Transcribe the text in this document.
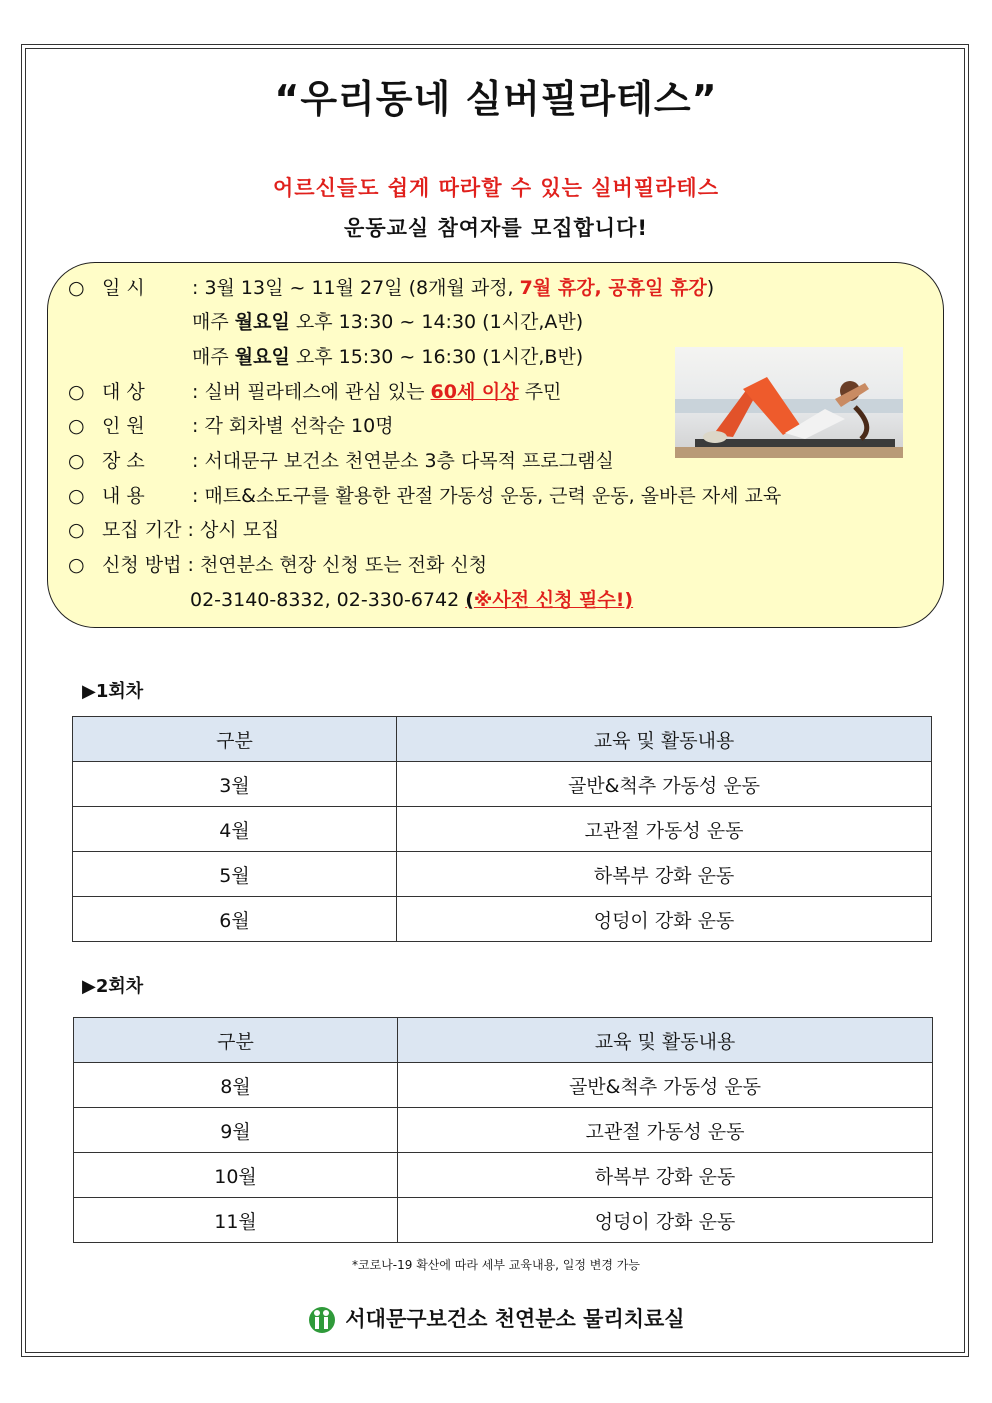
“우리동네 실버필라테스”
어르신들도 쉽게 따라할 수 있는 실버필라테스
운동교실 참여자를 모집합니다!
○ 일 시 : 3월 13일 ~ 11월 27일 (8개월 과정, 7월 휴강, 공휴일 휴강)
매주 월요일 오후 13:30 ~ 14:30 (1시간,A반)
매주 월요일 오후 15:30 ~ 16:30 (1시간,B반)
○ 대 상 : 실버 필라테스에 관심 있는 60세 이상 주민
○ 인 원 : 각 회차별 선착순 10명
○ 장 소 : 서대문구 보건소 천연분소 3층 다목적 프로그램실
○ 내 용 : 매트&소도구를 활용한 관절 가동성 운동, 근력 운동, 올바른 자세 교육
○ 모집 기간 : 상시 모집
○ 신청 방법 : 천연분소 현장 신청 또는 전화 신청
02-3140-8332, 02-330-6742 (※사전 신청 필수!)
▶1회차
구분	교육 및 활동내용
3월	골반&척추 가동성 운동
4월	고관절 가동성 운동
5월	하복부 강화 운동
6월	엉덩이 강화 운동
▶2회차
구분	교육 및 활동내용
8월	골반&척추 가동성 운동
9월	고관절 가동성 운동
10월	하복부 강화 운동
11월	엉덩이 강화 운동
*코로나-19 확산에 따라 세부 교육내용, 일정 변경 가능
서대문구보건소 천연분소 물리치료실
